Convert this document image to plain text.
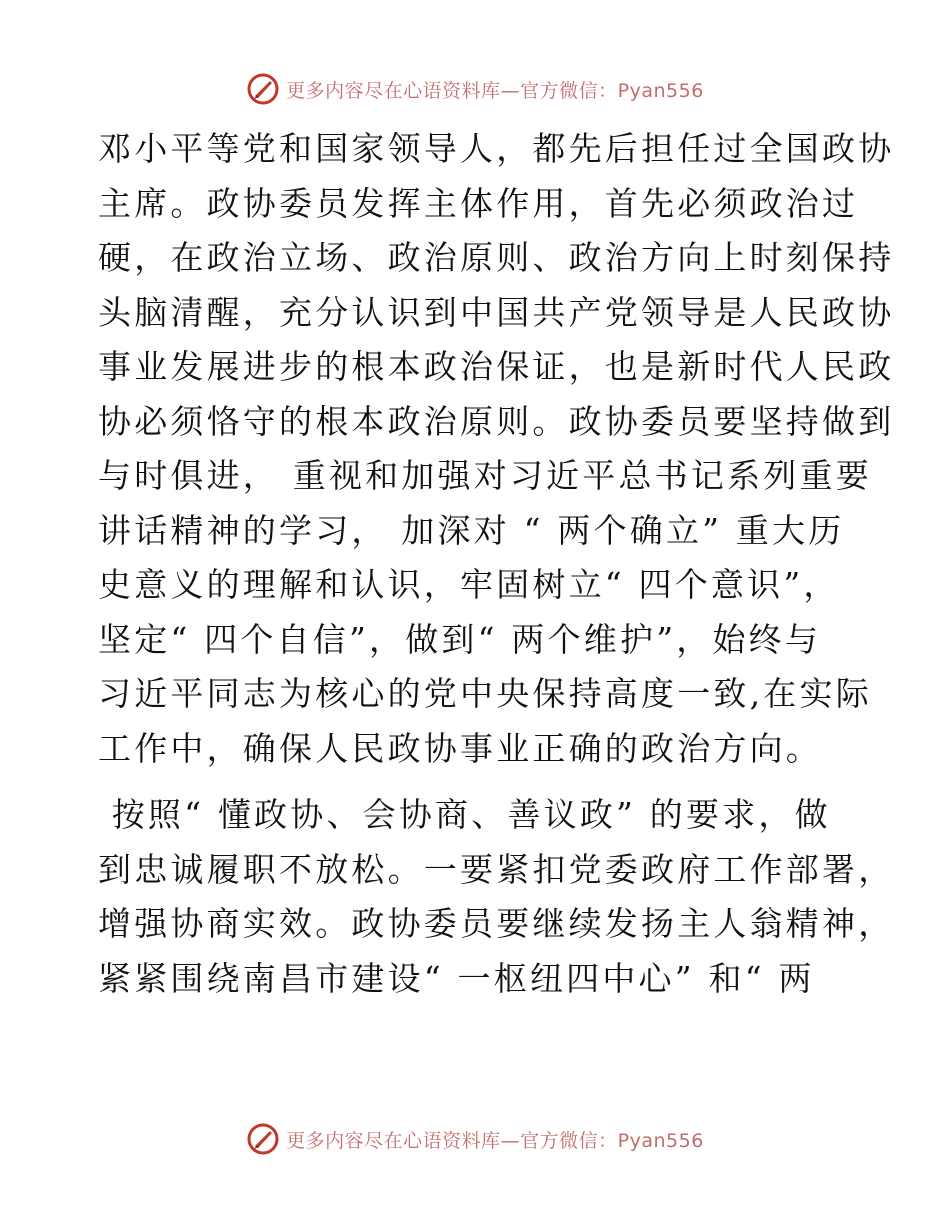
更多内容尽在心语资料库—官方微信：Pyan556

邓小平等党和国家领导人，都先后担任过全国政协
主席。政协委员发挥主体作用，首先必须政治过
硬，在政治立场、政治原则、政治方向上时刻保持
头脑清醒，充分认识到中国共产党领导是人民政协
事业发展进步的根本政治保证，也是新时代人民政
协必须恪守的根本政治原则。政协委员要坚持做到
与时俱进， 重视和加强对习近平总书记系列重要
讲话精神的学习， 加深对 “ 两个确立” 重大历
史意义的理解和认识，牢固树立“ 四个意识”，
坚定“ 四个自信”，做到“ 两个维护”，始终与
习近平同志为核心的党中央保持高度一致,在实际
工作中，确保人民政协事业正确的政治方向。

按照“ 懂政协、会协商、善议政” 的要求，做
到忠诚履职不放松。一要紧扣党委政府工作部署，
增强协商实效。政协委员要继续发扬主人翁精神，
紧紧围绕南昌市建设“ 一枢纽四中心” 和“ 两

更多内容尽在心语资料库—官方微信：Pyan556
